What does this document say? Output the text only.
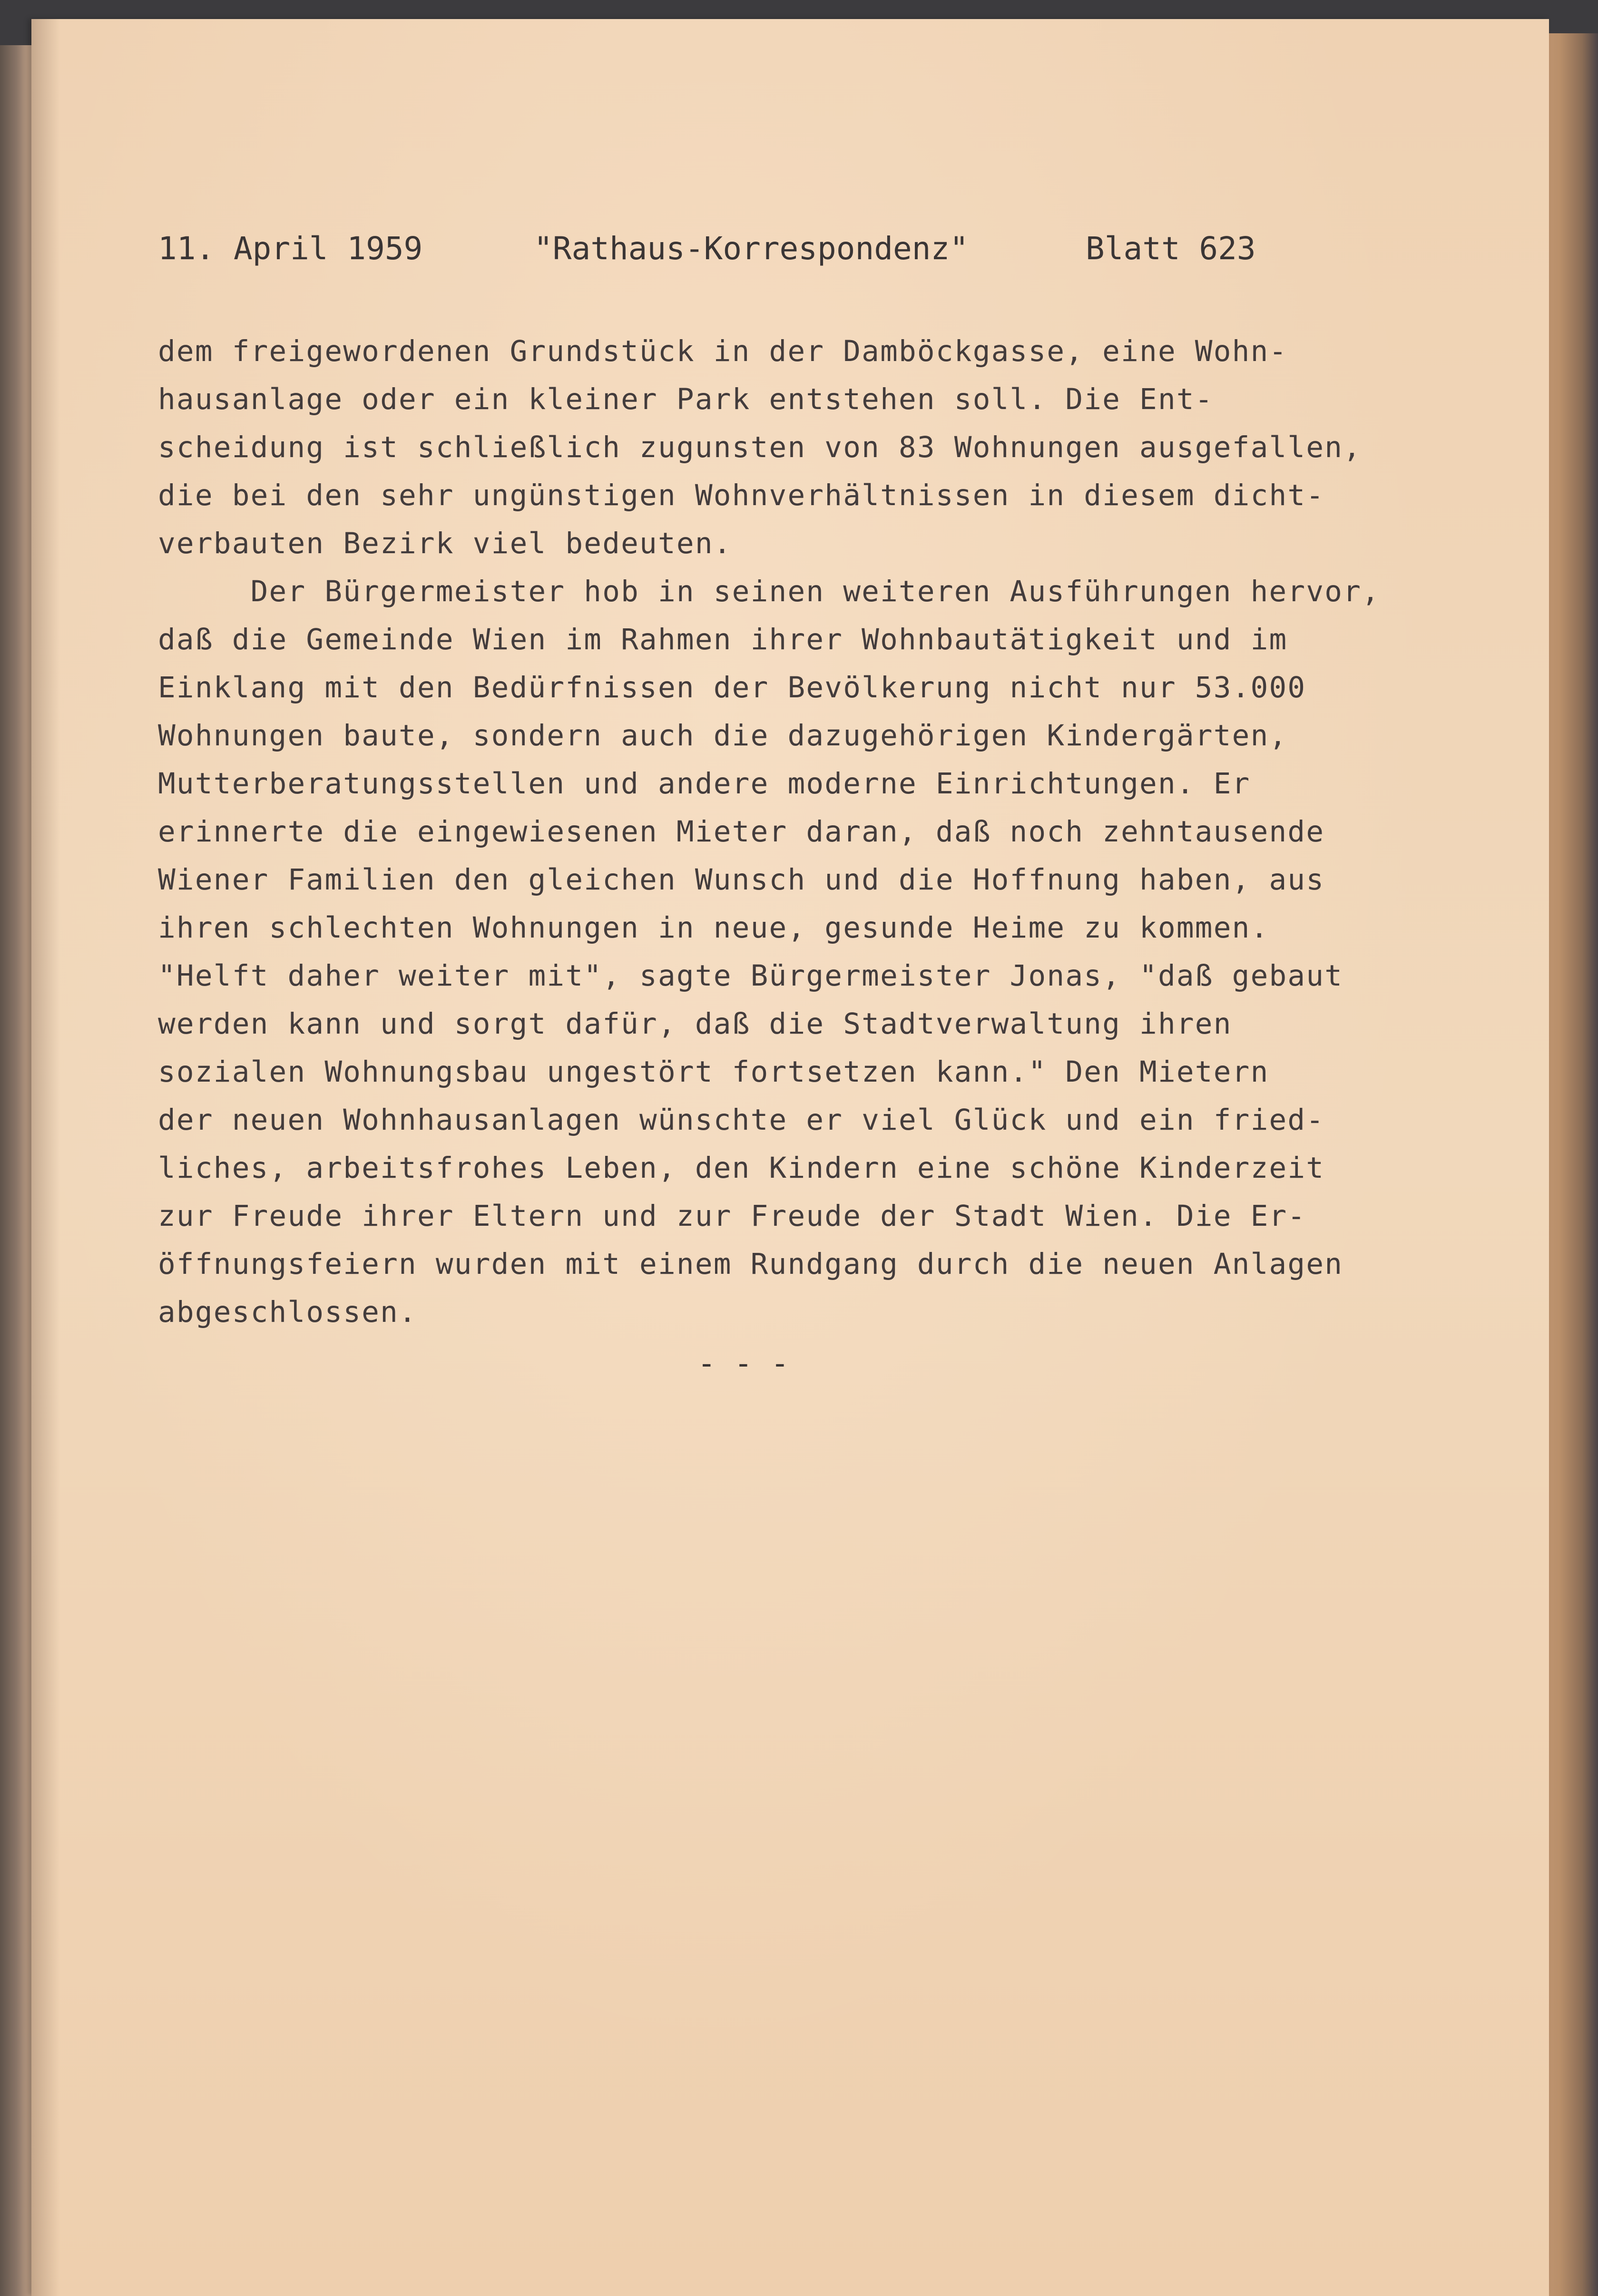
11. April 1959

	"Rathaus-Korrespondenz"

	Blatt 623

dem freigewordenen Grundstück in der Damböckgasse, eine Wohn-
hausanlage oder ein kleiner Park entstehen soll. Die Ent-
scheidung ist schließlich zugunsten von 83 Wohnungen ausgefallen,
die bei den sehr ungünstigen Wohnverhältnissen in diesem dicht-
verbauten Bezirk viel bedeuten.
Der Bürgermeister hob in seinen weiteren Ausführungen hervor,
daß die Gemeinde Wien im Rahmen ihrer Wohnbautätigkeit und im
Einklang mit den Bedürfnissen der Bevölkerung nicht nur 53.000
Wohnungen baute, sondern auch die dazugehörigen Kindergärten,
Mutterberatungsstellen und andere moderne Einrichtungen. Er
erinnerte die eingewiesenen Mieter daran, daß noch zehntausende
Wiener Familien den gleichen Wunsch und die Hoffnung haben, aus
ihren schlechten Wohnungen in neue, gesunde Heime zu kommen.
"Helft daher weiter mit", sagte Bürgermeister Jonas, "daß gebaut
werden kann und sorgt dafür, daß die Stadtverwaltung ihren
sozialen Wohnungsbau ungestört fortsetzen kann." Den Mietern
der neuen Wohnhausanlagen wünschte er viel Glück und ein fried-
liches, arbeitsfrohes Leben, den Kindern eine schöne Kinderzeit
zur Freude ihrer Eltern und zur Freude der Stadt Wien. Die Er-
öffnungsfeiern wurden mit einem Rundgang durch die neuen Anlagen
abgeschlossen.
- - -
